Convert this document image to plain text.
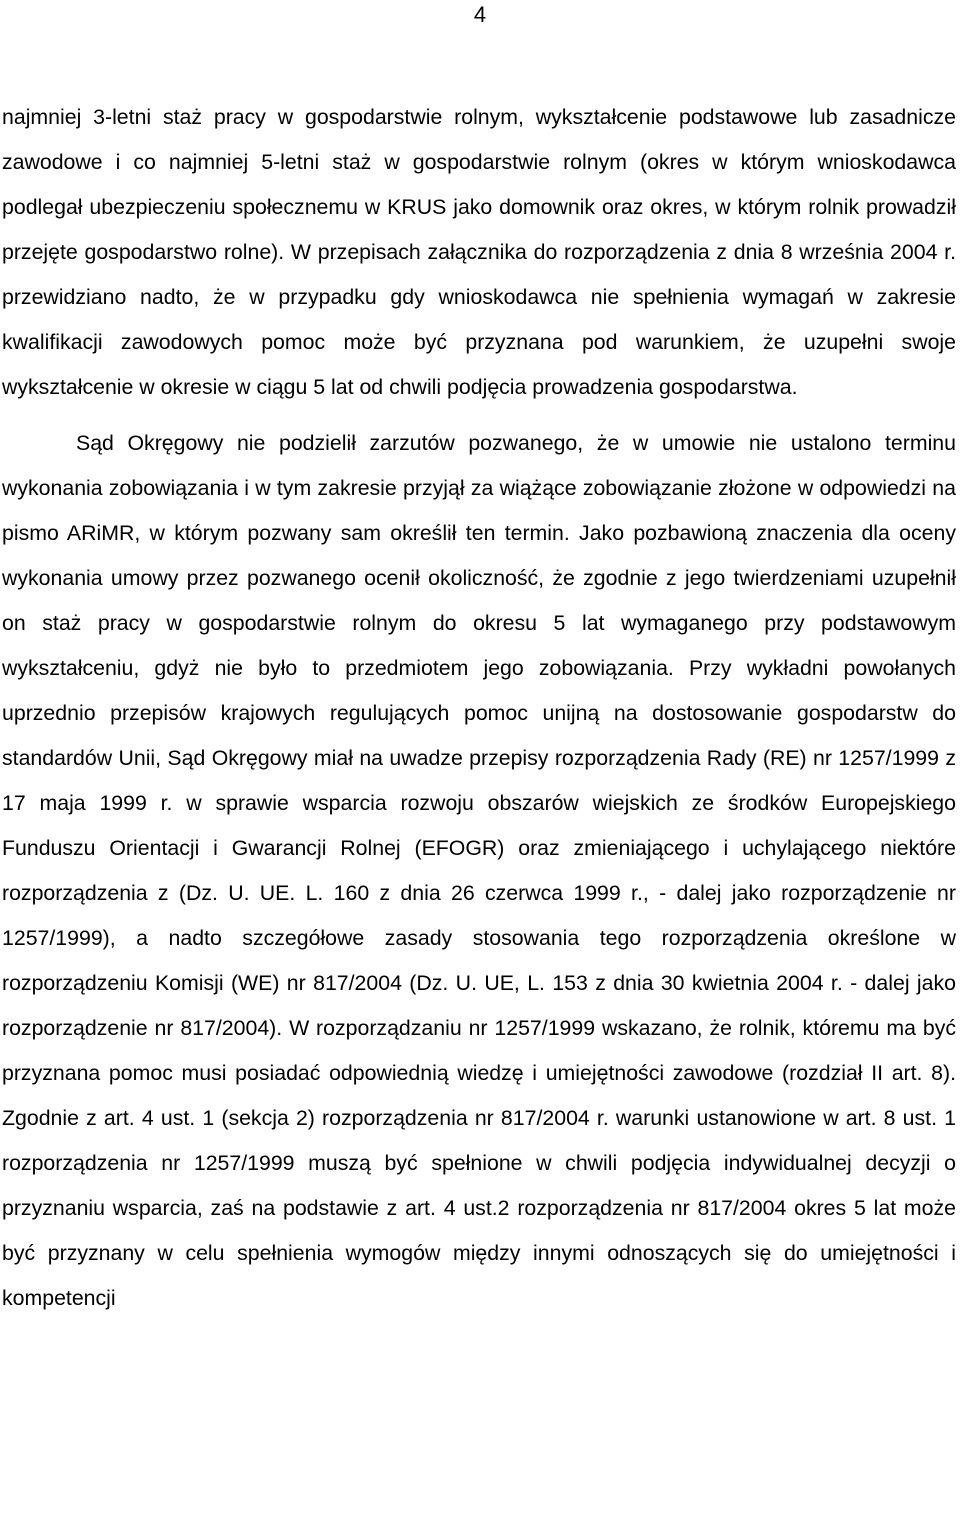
4

najmniej 3-letni staż pracy w gospodarstwie rolnym, wykształcenie podstawowe lub zasadnicze zawodowe i co najmniej 5-letni staż w gospodarstwie rolnym (okres w którym wnioskodawca podlegał ubezpieczeniu społecznemu w KRUS jako domownik oraz okres, w którym rolnik prowadził przejęte gospodarstwo rolne). W przepisach załącznika do rozporządzenia z dnia 8 września 2004 r. przewidziano nadto, że w przypadku gdy wnioskodawca nie spełnienia wymagań w zakresie kwalifikacji zawodowych pomoc może być przyznana pod warunkiem, że uzupełni swoje wykształcenie w okresie w ciągu 5 lat od chwili podjęcia prowadzenia gospodarstwa.

Sąd Okręgowy nie podzielił zarzutów pozwanego, że w umowie nie ustalono terminu wykonania zobowiązania i w tym zakresie przyjął za wiążące zobowiązanie złożone w odpowiedzi na pismo ARiMR, w którym pozwany sam określił ten termin. Jako pozbawioną znaczenia dla oceny wykonania umowy przez pozwanego ocenił okoliczność, że zgodnie z jego twierdzeniami uzupełnił on staż pracy w gospodarstwie rolnym do okresu 5 lat wymaganego przy podstawowym wykształceniu, gdyż nie było to przedmiotem jego zobowiązania. Przy wykładni powołanych uprzednio przepisów krajowych regulujących pomoc unijną na dostosowanie gospodarstw do standardów Unii, Sąd Okręgowy miał na uwadze przepisy rozporządzenia Rady (RE) nr 1257/1999 z 17 maja 1999 r. w sprawie wsparcia rozwoju obszarów wiejskich ze środków Europejskiego Funduszu Orientacji i Gwarancji Rolnej (EFOGR) oraz zmieniającego i uchylającego niektóre rozporządzenia z (Dz. U. UE. L. 160 z dnia 26 czerwca 1999 r., - dalej jako rozporządzenie nr 1257/1999), a nadto szczegółowe zasady stosowania tego rozporządzenia określone w rozporządzeniu Komisji (WE) nr 817/2004 (Dz. U. UE, L. 153 z dnia 30 kwietnia 2004 r. - dalej jako rozporządzenie nr 817/2004). W rozporządzaniu nr 1257/1999 wskazano, że rolnik, któremu ma być przyznana pomoc musi posiadać odpowiednią wiedzę i umiejętności zawodowe (rozdział II art. 8). Zgodnie z art. 4 ust. 1 (sekcja 2) rozporządzenia nr 817/2004 r. warunki ustanowione w art. 8 ust. 1 rozporządzenia nr 1257/1999 muszą być spełnione w chwili podjęcia indywidualnej decyzji o przyznaniu wsparcia, zaś na podstawie z art. 4 ust.2 rozporządzenia nr 817/2004 okres 5 lat może być przyznany w celu spełnienia wymogów między innymi odnoszących się do umiejętności i kompetencji
